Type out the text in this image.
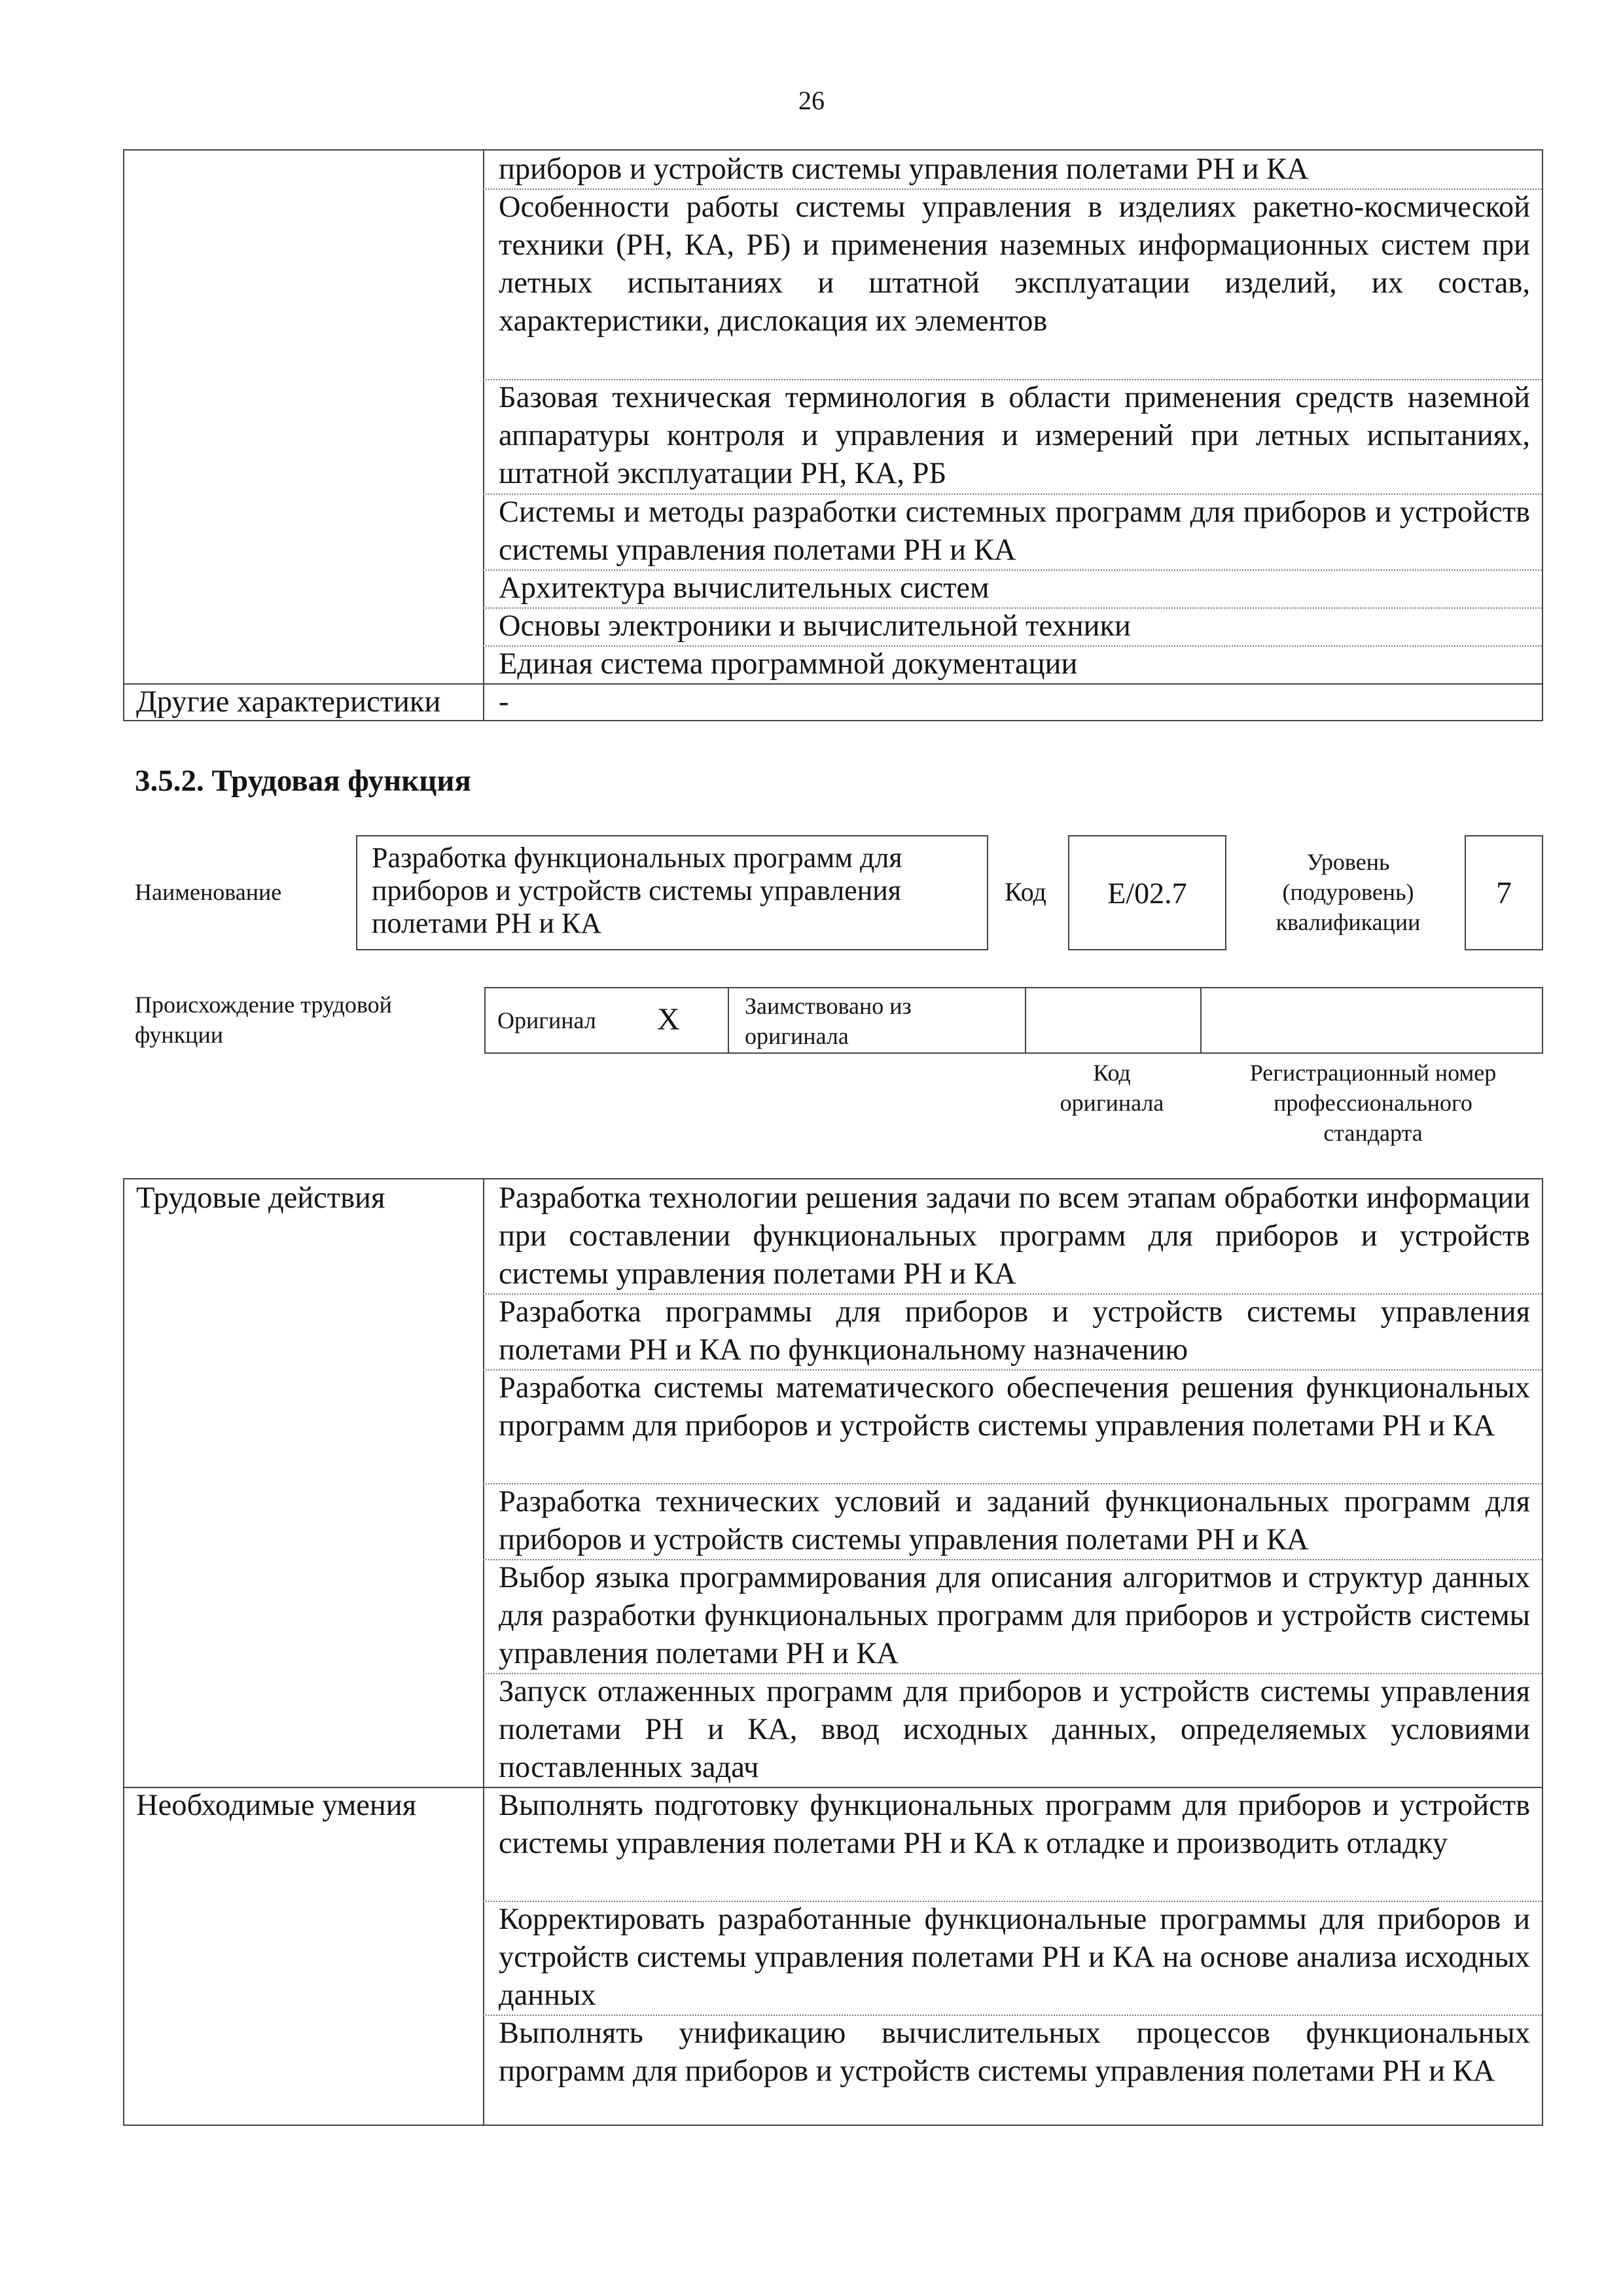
26
приборов и устройств системы управления полетами РН и КА
Особенности работы системы управления в изделиях ракетно-космической техники (РН, КА, РБ) и применения наземных информационных систем при летных испытаниях и штатной эксплуатации изделий, их состав, характеристики, дислокация их элементов
Базовая техническая терминология в области применения средств наземной аппаратуры контроля и управления и измерений при летных испытаниях, штатной эксплуатации РН, КА, РБ
Системы и методы разработки системных программ для приборов и устройств системы управления полетами РН и КА
Архитектура вычислительных систем
Основы электроники и вычислительной техники
Единая система программной документации
Другие характеристики -
3.5.2. Трудовая функция
Наименование
Разработка функциональных программ для приборов и устройств системы управления полетами РН и КА
Код E/02.7
Уровень (подуровень) квалификации
7
Происхождение трудовой функции
Оригинал X	Заимствовано из оригинала
Код оригинала
Регистрационный номер профессионального стандарта
Трудовые действия	Разработка технологии решения задачи по всем этапам обработки информации при составлении функциональных программ для приборов и устройств системы управления полетами РН и КА
Разработка программы для приборов и устройств системы управления полетами РН и КА по функциональному назначению
Разработка системы математического обеспечения решения функциональных программ для приборов и устройств системы управления полетами РН и КА
Разработка технических условий и заданий функциональных программ для приборов и устройств системы управления полетами РН и КА
Выбор языка программирования для описания алгоритмов и структур данных для разработки функциональных программ для приборов и устройств системы управления полетами РН и КА
Запуск отлаженных программ для приборов и устройств системы управления полетами РН и КА, ввод исходных данных, определяемых условиями поставленных задач
Необходимые умения	Выполнять подготовку функциональных программ для приборов и устройств системы управления полетами РН и КА к отладке и производить отладку
Корректировать разработанные функциональные программы для приборов и устройств системы управления полетами РН и КА на основе анализа исходных данных
Выполнять унификацию вычислительных процессов функциональных программ для приборов и устройств системы управления полетами РН и КА
